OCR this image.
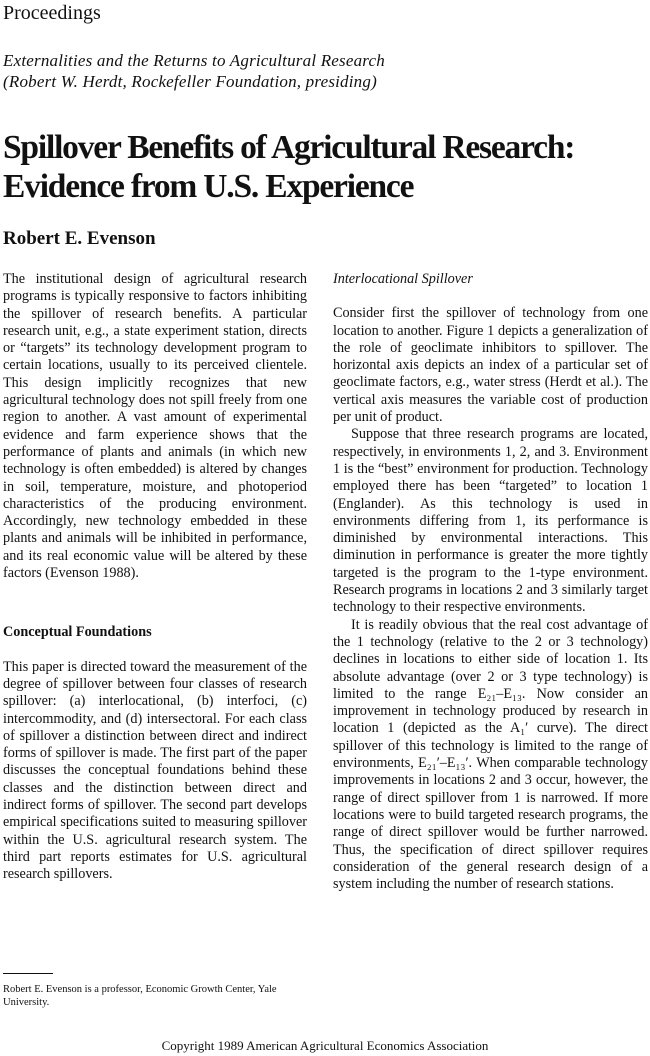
Proceedings
Externalities and the Returns to Agricultural Research
(Robert W. Herdt, Rockefeller Foundation, presiding)
Spillover Benefits of Agricultural Research:
Evidence from U.S. Experience
Robert E. Evenson

The institutional design of agricultural research programs is typically responsive to factors inhibiting the spillover of research benefits. A particular research unit, e.g., a state experiment station, directs or “targets” its technology development program to certain locations, usually to its perceived clientele. This design implicitly recognizes that new agricultural technology does not spill freely from one region to another. A vast amount of experimental evidence and farm experience shows that the performance of plants and animals (in which new technology is often embedded) is altered by changes in soil, temperature, moisture, and photoperiod characteristics of the producing environment. Accordingly, new technology embedded in these plants and animals will be inhibited in performance, and its real economic value will be altered by these factors (Evenson 1988).

Conceptual Foundations

This paper is directed toward the measurement of the degree of spillover between four classes of research spillover: (a) interlocational, (b) interfoci, (c) intercommodity, and (d) intersectoral. For each class of spillover a distinction between direct and indirect forms of spillover is made. The first part of the paper discusses the conceptual foundations behind these classes and the distinction between direct and indirect forms of spillover. The second part develops empirical specifications suited to measuring spillover within the U.S. agricultural research system. The third part reports estimates for U.S. agricultural research spillovers.

Robert E. Evenson is a professor, Economic Growth Center, Yale University.
Interlocational Spillover

Consider first the spillover of technology from one location to another. Figure 1 depicts a generalization of the role of geoclimate inhibitors to spillover. The horizontal axis depicts an index of a particular set of geoclimate factors, e.g., water stress (Herdt et al.). The vertical axis measures the variable cost of production per unit of product.

Suppose that three research programs are located, respectively, in environments 1, 2, and 3. Environment 1 is the “best” environment for production. Technology employed there has been “targeted” to location 1 (Englander). As this technology is used in environments differing from 1, its performance is diminished by environmental interactions. This diminution in performance is greater the more tightly targeted is the program to the 1-type environment. Research programs in locations 2 and 3 similarly target technology to their respective environments.

It is readily obvious that the real cost advantage of the 1 technology (relative to the 2 or 3 technology) declines in locations to either side of location 1. Its absolute advantage (over 2 or 3 type technology) is limited to the range E₂₁–E₁₃. Now consider an improvement in technology produced by research in location 1 (depicted as the A₁′ curve). The direct spillover of this technology is limited to the range of environments, E₂₁′–E₁₃′. When comparable technology improvements in locations 2 and 3 occur, however, the range of direct spillover from 1 is narrowed. If more locations were to build targeted research programs, the range of direct spillover would be further narrowed. Thus, the specification of direct spillover requires consideration of the general research design of a system including the number of research stations.

Copyright 1989 American Agricultural Economics Association
